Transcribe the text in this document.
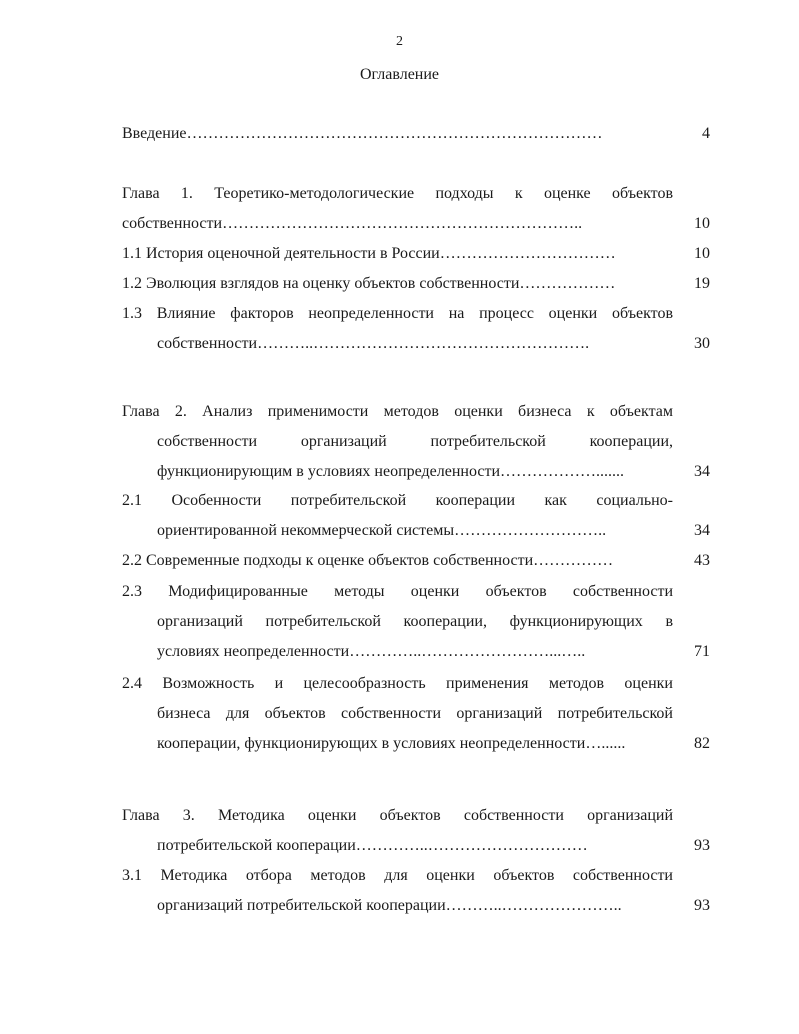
2
Оглавление
Введение……………………………………………………………………	4
Глава 1. Теоретико-методологические подходы к оценке объектов
собственности…………………………………………………………..	10
1.1 История оценочной деятельности в России……………………………	10
1.2 Эволюция взглядов на оценку объектов собственности………………	19
1.3 Влияние факторов неопределенности на процесс оценки объектов
собственности………..…………………………………………….	30
Глава 2. Анализ применимости методов оценки бизнеса к объектам
собственности организаций потребительской кооперации,
функционирующим в условиях неопределенности……………….......	34
2.1 Особенности потребительской кооперации как социально-
ориентированной некоммерческой системы………………………..	34
2.2 Современные подходы к оценке объектов собственности……………	43
2.3 Модифицированные методы оценки объектов собственности
организаций потребительской кооперации, функционирующих в
условиях неопределенности…………..……………………...…..	71
2.4 Возможность и целесообразность применения методов оценки
бизнеса для объектов собственности организаций потребительской
кооперации, функционирующих в условиях неопределенности…......	82
Глава 3. Методика оценки объектов собственности организаций
потребительской кооперации…………..…………………………	93
3.1 Методика отбора методов для оценки объектов собственности
организаций потребительской кооперации………..…………………..	93
